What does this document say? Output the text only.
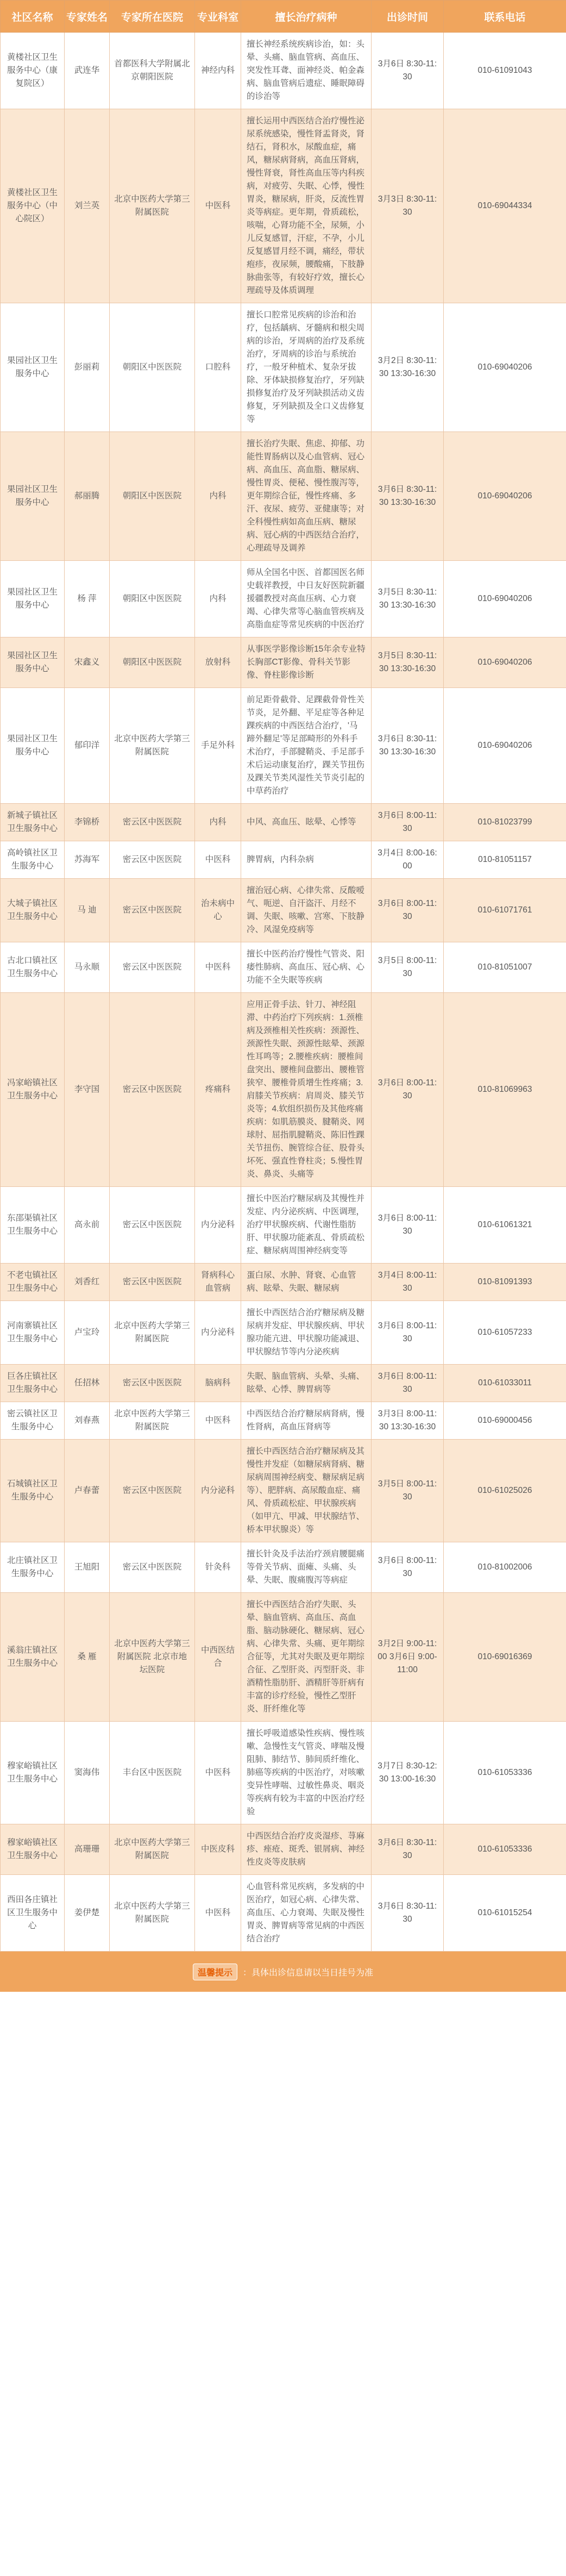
社区名称	专家姓名	专家所在医院	专业科室	擅长治疗病种	出诊时间	联系电话
黄楼社区卫生服务中心（康复院区）	武连华	首都医科大学附属北京朝阳医院	神经内科	擅长神经系统疾病诊治，如：头晕、头痛、脑血管病、高血压、突发性耳聋、面神经炎、帕金森病、脑血管病后遗症、睡眠障碍的诊治等	3月6日 8:30-11:30	010-61091043
黄楼社区卫生服务中心（中心院区）	刘兰英	北京中医药大学第三附属医院	中医科	擅长运用中西医结合治疗慢性泌尿系统感染，慢性肾盂肾炎，肾结石，肾积水，尿酸血症，痛风，糖尿病肾病，高血压肾病，慢性肾衰，肾性高血压等内科疾病，对疲劳、失眠、心悸，慢性胃炎，糖尿病，肝炎，反流性胃炎等病症。更年期，骨质疏松，咳喘，心肾功能不全，尿频，小儿反复感冒，汗症，不孕，小儿反复感冒月经不调，痛经，带状疱疹，夜尿频，腰酸痛，下肢静脉曲张等，有较好疗效，擅长心理疏导及体质调理	3月3日 8:30-11:30	010-69044334
果园社区卫生服务中心	彭丽莉	朝阳区中医医院	口腔科	擅长口腔常见疾病的诊治和治疗，包括龋病、牙髓病和根尖周病的诊治，牙周病的治疗及系统治疗，牙周病的诊治与系统治疗，一般牙种植术、复杂牙拔除、牙体缺损修复治疗，牙列缺损修复治疗及牙列缺损活动义齿修复，牙列缺损及全口义齿修复等	3月2日 8:30-11:30 13:30-16:30	010-69040206
果园社区卫生服务中心	郝丽腾	朝阳区中医医院	内科	擅长治疗失眠、焦虑、抑郁、功能性胃肠病以及心血管病、冠心病、高血压、高血脂、糖尿病、慢性胃炎、便秘、慢性腹泻等，更年期综合征，慢性疼痛、多汗、夜尿、疲劳、亚健康等；对全科慢性病如高血压病、糖尿病、冠心病的中西医结合治疗，心理疏导及调养	3月6日 8:30-11:30 13:30-16:30	010-69040206
果园社区卫生服务中心	杨 萍	朝阳区中医医院	内科	师从全国名中医、首都国医名师史载祥教授，中日友好医院新疆援疆教授对高血压病、心力衰竭、心律失常等心脑血管疾病及高脂血症等常见疾病的中医治疗	3月5日 8:30-11:30 13:30-16:30	010-69040206
果园社区卫生服务中心	宋鑫义	朝阳区中医医院	放射科	从事医学影像诊断15年余专业特长胸部CT影像、骨科关节影像、脊柱影像诊断	3月5日 8:30-11:30 13:30-16:30	010-69040206
果园社区卫生服务中心	郁印洋	北京中医药大学第三附属医院	手足外科	前足距骨截骨、足踝截骨骨性关节炎，足外翻、平足症等各种足踝疾病的中西医结合治疗，'马蹄外翻足'等足部畸形的外科手术治疗，手部腱鞘炎、手足部手术后运动康复治疗，踝关节扭伤及踝关节类风湿性关节炎引起的中草药治疗	3月6日 8:30-11:30 13:30-16:30	010-69040206
新城子镇社区卫生服务中心	李锦桥	密云区中医医院	内科	中风、高血压、眩晕、心悸等	3月6日 8:00-11:30	010-81023799
高岭镇社区卫生服务中心	苏海军	密云区中医医院	中医科	脾胃病，内科杂病	3月4日 8:00-16:00	010-81051157
大城子镇社区卫生服务中心	马 迪	密云区中医医院	治未病中心	擅治冠心病、心律失常、反酸嗳气、呃逆、自汗盗汗、月经不调、失眠、咳嗽、宫寒、下肢静冷、风湿免疫病等	3月6日 8:00-11:30	010-61071761
古北口镇社区卫生服务中心	马永顺	密云区中医医院	中医科	擅长中医药治疗慢性气管炎、阳痿性肺病、高血压、冠心病、心功能不全失眠等疾病	3月5日 8:00-11:30	010-81051007
冯家峪镇社区卫生服务中心	李守国	密云区中医医院	疼痛科	应用正骨手法、针刀、神经阻滞、中药治疗下列疾病：1.颈椎病及颈椎相关性疾病：颈源性、颈源性失眠、颈源性眩晕、颈源性耳鸣等；2.腰椎疾病：腰椎间盘突出、腰椎间盘膨出、腰椎管狭窄、腰椎骨质增生性疼痛；3.肩膝关节疾病：肩周炎、膝关节炎等；4.软组织损伤及其他疼痛疾病：如肌筋膜炎、腱鞘炎、网球肘、屈指肌腱鞘炎、陈旧性踝关节扭伤、腕管综合征、股骨头坏死、强直性脊柱炎；5.慢性胃炎、鼻炎、头痛等	3月6日 8:00-11:30	010-81069963
东邵渠镇社区卫生服务中心	高永前	密云区中医医院	内分泌科	擅长中医治疗糖尿病及其慢性并发症、内分泌疾病、中医调理，治疗甲状腺疾病、代谢性脂肪肝、甲状腺功能紊乱、骨质疏松症、糖尿病周围神经病变等	3月6日 8:00-11:30	010-61061321
不老屯镇社区卫生服务中心	刘香红	密云区中医医院	肾病科心血管病	蛋白尿、水肿、肾衰、心血管病、眩晕、失眠、糖尿病	3月4日 8:00-11:30	010-81091393
河南寨镇社区卫生服务中心	卢宝玲	北京中医药大学第三附属医院	内分泌科	擅长中西医结合治疗糖尿病及糖尿病并发症、甲状腺疾病、甲状腺功能亢进、甲状腺功能减退、甲状腺结节等内分泌疾病	3月6日 8:00-11:30	010-61057233
巨各庄镇社区卫生服务中心	任招林	密云区中医医院	脑病科	失眠、脑血管病、头晕、头痛、眩晕、心悸、脾胃病等	3月6日 8:00-11:30	010-61033011
密云镇社区卫生服务中心	刘春燕	北京中医药大学第三附属医院	中医科	中西医结合治疗糖尿病肾病，慢性肾病，高血压肾病等	3月3日 8:00-11:30 13:30-16:30	010-69000456
石城镇社区卫生服务中心	卢春蕾	密云区中医医院	内分泌科	擅长中西医结合治疗糖尿病及其慢性并发症（如糖尿病肾病、糖尿病周围神经病变、糖尿病足病等）、肥胖病、高尿酸血症、痛风、骨质疏松症、甲状腺疾病（如甲亢、甲减、甲状腺结节、桥本甲状腺炎）等	3月5日 8:00-11:30	010-61025026
北庄镇社区卫生服务中心	王旭阳	密云区中医医院	针灸科	擅长针灸及手法治疗颈肩腰腿痛等骨关节病、面瘫、头痛、头晕、失眠、腹痛腹泻等病症	3月6日 8:00-11:30	010-81002006
溪翁庄镇社区卫生服务中心	桑 雁	北京中医药大学第三附属医院 北京市地坛医院	中西医结合	擅长中西医结合治疗失眠、头晕、脑血管病、高血压、高血脂、脑动脉硬化、糖尿病、冠心病、心律失常、头痛、更年期综合征等，尤其对失眠及更年期综合征、乙型肝炎、丙型肝炎、非酒精性脂肪肝、酒精肝等肝病有丰富的诊疗经验，慢性乙型肝炎、肝纤维化等	3月2日 9:00-11:00 3月6日 9:00-11:00	010-69016369
穆家峪镇社区卫生服务中心	窦海伟	丰台区中医医院	中医科	擅长呼吸道感染性疾病、慢性咳嗽、急慢性支气管炎、哮喘及慢阻肺、肺结节、肺间质纤维化、肺癌等疾病的中医治疗，对咳嗽变异性哮喘、过敏性鼻炎、咽炎等疾病有较为丰富的中医治疗经验	3月7日 8:30-12:30 13:00-16:30	010-61053336
穆家峪镇社区卫生服务中心	高珊珊	北京中医药大学第三附属医院	中医皮科	中西医结合治疗皮炎湿疹、荨麻疹、痤疮、斑秃、银屑病、神经性皮炎等皮肤病	3月6日 8:30-11:30	010-61053336
西田各庄镇社区卫生服务中心	姜伊楚	北京中医药大学第三附属医院	中医科	心血管科常见疾病，多发病的中医治疗，如冠心病、心律失常、高血压、心力衰竭、失眠及慢性胃炎、脾胃病等常见病的中西医结合治疗	3月6日 8:30-11:30	010-61015254
温馨提示	：具体出诊信息请以当日挂号为准
